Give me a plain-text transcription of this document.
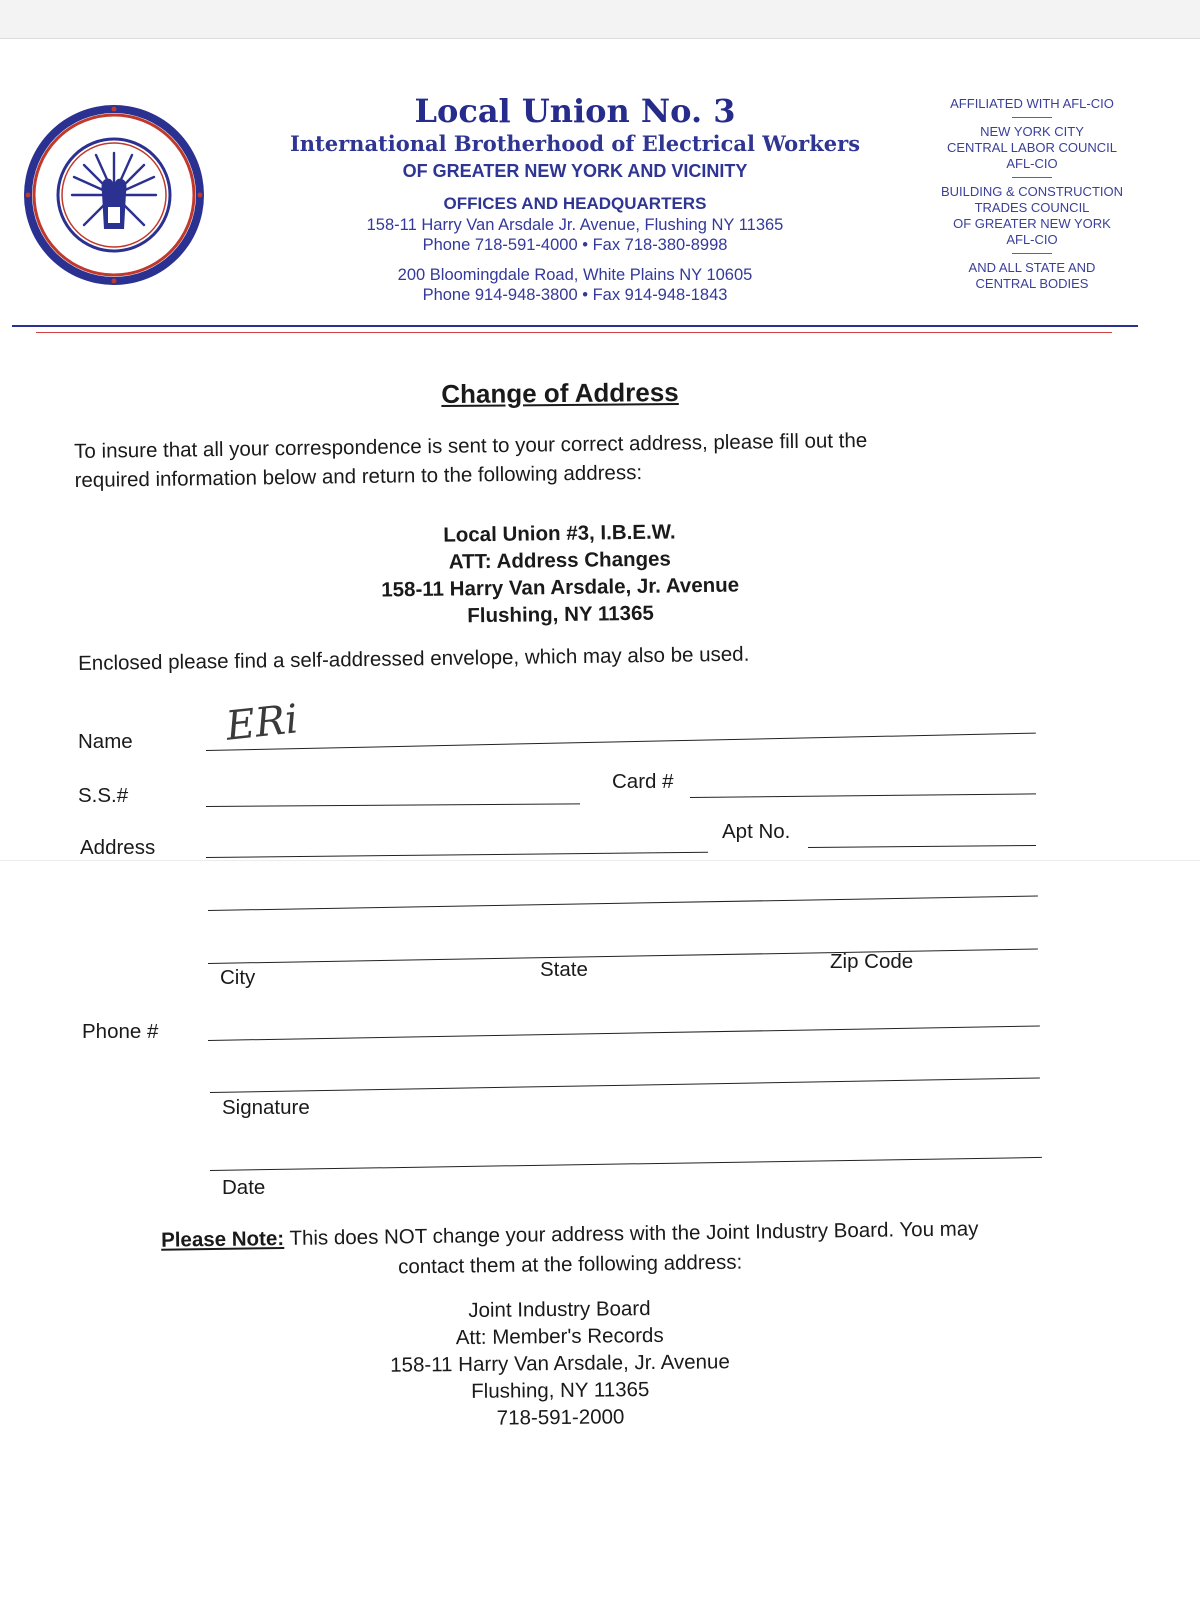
Local Union No. 3
International Brotherhood of Electrical Workers
OF GREATER NEW YORK AND VICINITY
OFFICES AND HEADQUARTERS
158-11 Harry Van Arsdale Jr. Avenue, Flushing NY 11365
Phone 718-591-4000 • Fax 718-380-8998
200 Bloomingdale Road, White Plains NY 10605
Phone 914-948-3800 • Fax 914-948-1843
AFFILIATED WITH AFL-CIO
NEW YORK CITY
CENTRAL LABOR COUNCIL
AFL-CIO
BUILDING & CONSTRUCTION
TRADES COUNCIL
OF GREATER NEW YORK
AFL-CIO
AND ALL STATE AND
CENTRAL BODIES
Change of Address
To insure that all your correspondence is sent to your correct address, please fill out the
required information below and return to the following address:
Local Union #3, I.B.E.W.
ATT: Address Changes
158-11 Harry Van Arsdale, Jr. Avenue
Flushing, NY 11365
Enclosed please find a self-addressed envelope, which may also be used.
Name ERi
S.S.#
Card #
Address
Apt No.
City	State	Zip Code
Phone #
Signature
Date
Please Note: This does NOT change your address with the Joint Industry Board. You may
contact them at the following address:
Joint Industry Board
Att: Member's Records
158-11 Harry Van Arsdale, Jr. Avenue
Flushing, NY 11365
718-591-2000
